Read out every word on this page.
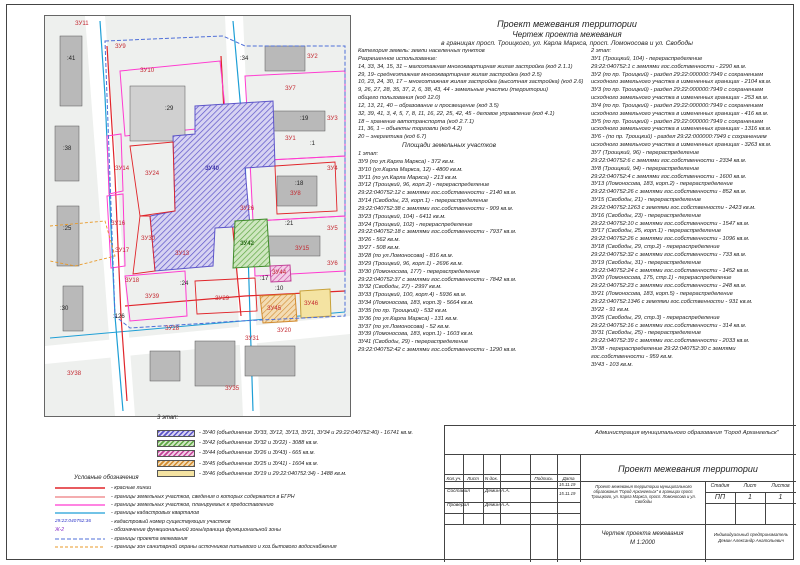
ЗУ9
ЗУ10
ЗУ14
ЗУ16
ЗУ17
ЗУ18
ЗУ24
ЗУ30
ЗУ39
ЗУ40
ЗУ42
ЗУ44
ЗУ45
ЗУ46
ЗУ7
ЗУ8
ЗУ1
ЗУ2
ЗУ3
ЗУ4
ЗУ5
ЗУ6
ЗУ29
ЗУ28
ЗУ11
ЗУ13
ЗУ15
ЗУ20
ЗУ26
ЗУ31
ЗУ35
ЗУ38
:41
:38
:25
:30
:34
:19
:18
:29
:24
:21
:17
:1
:10
:126
Проект межевания территории
Чертеж проекта межевания
в границах просп. Троицкого, ул. Карла Маркса, просп. Ломоносова и ул. Свободы
Категория земель: земли населенных пунктов
Разрешенное использование:
14, 33, 34, 15, 31 – малоэтажная многоквартирная жилая застройка (код 2.1.1)
29, 19- среднеэтажная многоквартирная жилая застройка (код 2.5)
10, 23, 24, 30, 17 – многоэтажная жилая застройка (высотная застройка) (код 2.6)
9, 26, 27, 28, 35, 37, 2, 6, 38, 43, 44 - земельные участки (территории)
общего пользования (код 12.0)
12, 13, 21, 40 – образование и просвещение (код 3.5)
32, 39, 41, 3, 4, 5, 7, 8, 11, 16, 22, 25, 42, 45 - деловое управление (код 4.1)
18 – хранение автотранспорта (код 2.7.1)
11, 36, 1 – объекты торговли (код 4.2)
20 – энергетика (код 6.7)
Площади земельных участков
1 этап:
ЗУ9 (по ул.Карла Маркса) - 372 кв.м.
ЗУ10 (ул.Карла Маркса, 12) - 4800 кв.м.
ЗУ11 (по ул.Карла Маркса) - 213 кв.м.
ЗУ12 (Троицкий, 96, корп.2) - перераспределение
29:22:040752:12 с землями гос.собственности - 2140 кв.м.
ЗУ14 (Свободы, 23, корп.1) - перераспределение
29:22:040752:38 с землями гос.собственности - 909 кв.м.
ЗУ23 (Троицкий, 104) - 6411 кв.м.
ЗУ24 (Троицкий, 102) - перераспределение
29:22:040752:18 с землями гос.собственности - 7937 кв.м.
ЗУ26 - 562 кв.м.
ЗУ27 - 508 кв.м.
ЗУ28 (по ул.Ломоносова) - 816 кв.м.
ЗУ29 (Троицкий, 96, корп.1) - 2696 кв.м.
ЗУ30 (Ломоносова, 177) - перераспределение
29:22:040752:37 с землями гос.собственности - 7842 кв.м.
ЗУ32 (Свободы, 27) - 2997 кв.м.
ЗУ33 (Троицкий, 100, корп.4) - 5936 кв.м.
ЗУ34 (Ломоносова, 183, корп.3) - 5664 кв.м.
ЗУ35 (по пр. Троицкий) - 532 кв.м.
ЗУ36 (по ул.Карла Маркса) - 131 кв.м.
ЗУ37 (по ул.Ломоносова) - 52 кв.м.
ЗУ39 (Ломоносова, 183, корп.1) - 1603 кв.м.
ЗУ41 (Свободы, 29) - перераспределение
29:22:040752:42 с землями гос.собственности - 1290 кв.м.
2 этап:
ЗУ1 (Троицкий, 104) - перераспределение
29:22:040752:1 с землями гос.собственности - 2290 кв.м.
ЗУ2 (по пр. Троицкий) - раздел 29:22:000000:7949 с сохранением
исходного земельного участка в измененных границах - 2104 кв.м.
ЗУ3 (по пр. Троицкий) - раздел 29:22:000000:7949 с сохранением
исходного земельного участка в измененных границах - 253 кв.м.
ЗУ4 (по пр. Троицкий) - раздел 29:22:000000:7949 с сохранением
исходного земельного участка в измененных границах - 416 кв.м.
ЗУ5 (по пр. Троицкий) - раздел 29:22:000000:7949 с сохранением
исходного земельного участка в измененных границах - 1316 кв.м.
ЗУ6 - (по пр. Троицкий) - раздел 29:22:000000:7949 с сохранением
исходного земельного участка в измененных границах - 3263 кв.м.
ЗУ7 (Троицкий, 96) - перераспределение
29:22:040752:6 с землями гос.собственности - 2334 кв.м.
ЗУ8 (Троицкий, 94) - перераспределение
29:22:040752:4 с землями гос.собственности - 1600 кв.м.
ЗУ13 (Ломоносова, 183, корп.2) - перераспределение
29:22:040752:26 с землями гос.собственности - 852 кв.м.
ЗУ15 (Свободы, 21) - перераспределение
29:22:040752:1263 с землями гос.собственности - 2423 кв.м.
ЗУ16 (Свободы, 23) - перераспределение
29:22:040752:10 с землями гос.собственности - 1547 кв.м.
ЗУ17 (Свободы, 25, корп.1) - перераспределение
29:22:040752:26 с землями гос.собственности - 1096 кв.м.
ЗУ18 (Свободы, 29, стр.2) - перераспределение
29:22:040752:32 с землями гос.собственности - 733 кв.м.
ЗУ19 (Свободы, 31) - перераспределение
29:22:040752:24 с землями гос.собственности - 1452 кв.м.
ЗУ20 (Ломоносова, 175, стр.1) - перераспределение
29:22:040752:23 с землями гос.собственности - 248 кв.м.
ЗУ21 (Ломоносова, 183, корп.5) - перераспределение
29:22:040752:1346 с землями гос.собственности - 931 кв.м.
ЗУ22 - 91 кв.м.
ЗУ25 (Свободы, 29, стр.3) - перераспределение
29:22:040752:16 с землями гос.собственности - 314 кв.м.
ЗУ31 (Свободы, 25) - перераспределение
29:22:040752:39 с землями гос.собственности - 2033 кв.м.
ЗУ38 - перераспределение 29:22:040752:30 с землями
гос.собственности - 959 кв.м.
ЗУ43 - 103 кв.м.
3 этап:
- ЗУ40 (объединение ЗУ33, ЗУ12, ЗУ13, ЗУ21, ЗУ34 и 29:22:040752:40) - 16741 кв.м.
- ЗУ42 (объединение ЗУ32 и ЗУ22) - 3088 кв.м.
- ЗУ44 (объединение ЗУ26 и ЗУ43) - 665 кв.м.
- ЗУ45 (объединение ЗУ25 и ЗУ41) - 1604 кв.м.
- ЗУ46 (объединение ЗУ19 и 29:22:040752:34) - 1488 кв.м.
Условные обозначения
- красные линии
- границы земельных участков, сведения о которых содержатся в ЕГРН
- границы земельных участков, планируемых к предоставлению
- границы кадастровых кварталов
29:22:040752:36	- кадастровый номер существующих участков
Ж-2	- обозначение функциональной зоны/граница функциональной зоны
- границы проекта межевания
- границы зон санитарной охраны источников питьевого и хоз.бытового водоснабжения
Администрация муниципального образования "Город Архангельск"
Проект межевания территории
Кол.уч.	Лист	N док.	Подпись	Дата
Составил	Демин А.А.
15.11.19
Проверил	Демин А.А.
15.11.19
Проект межевания территории муниципального образования "Город Архангельск" в границах просп. Троицкого, ул. Карла Маркса, просп. Ломоносова и ул. Свободы
Стадия	Лист	Листов
ПП	1	1
Чертеж проекта межевания
М 1:2000
Индивидуальный предприниматель Демин Александр Анатольевич
